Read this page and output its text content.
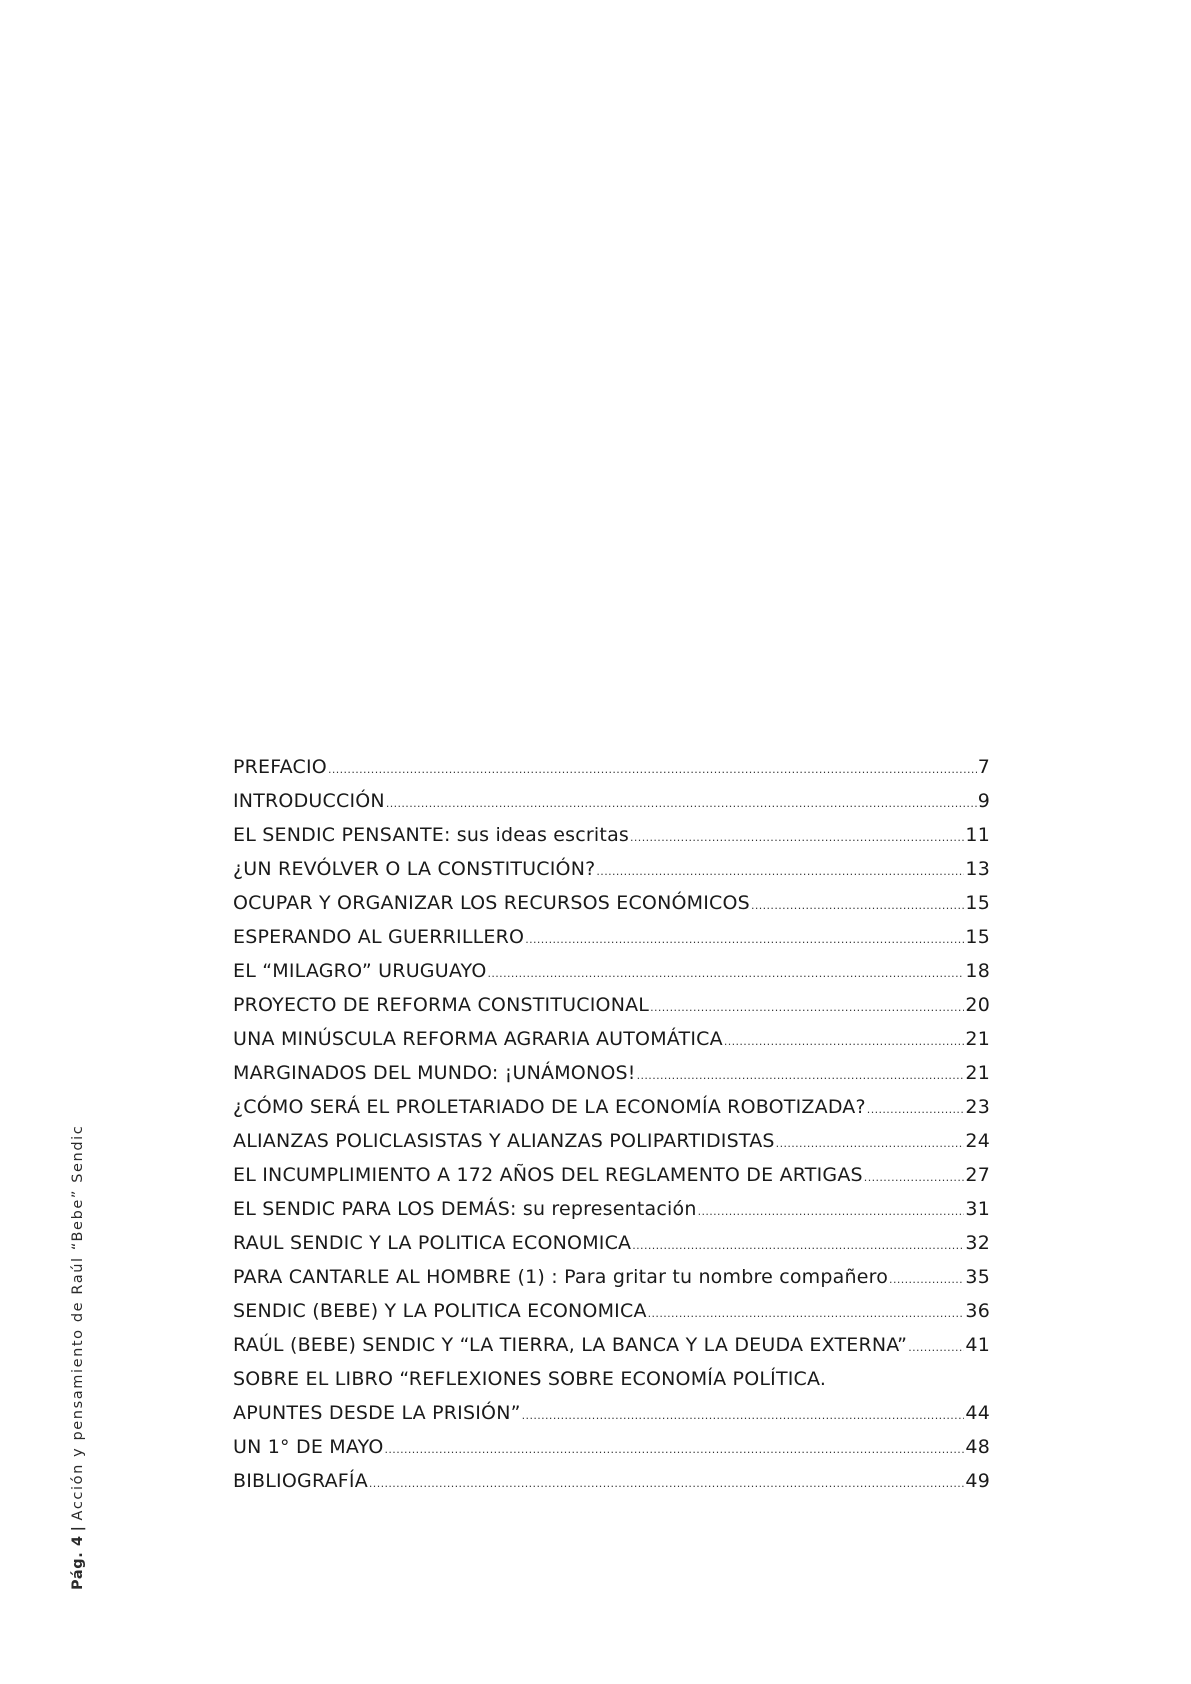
PREFACIO .....	7
INTRODUCCIÓN .....	9
EL SENDIC PENSANTE: sus ideas escritas .....	11
¿UN REVÓLVER O LA CONSTITUCIÓN? .....	13
OCUPAR Y ORGANIZAR LOS RECURSOS ECONÓMICOS .....	15
ESPERANDO AL GUERRILLERO .....	15
EL “MILAGRO” URUGUAYO .....	18
PROYECTO DE REFORMA CONSTITUCIONAL .....	20
UNA MINÚSCULA REFORMA AGRARIA AUTOMÁTICA .....	21
MARGINADOS DEL MUNDO: ¡UNÁMONOS! .....	21
¿CÓMO SERÁ EL PROLETARIADO DE LA ECONOMÍA ROBOTIZADA? .....	23
ALIANZAS POLICLASISTAS Y ALIANZAS POLIPARTIDISTAS .....	24
EL INCUMPLIMIENTO A 172 AÑOS DEL REGLAMENTO DE ARTIGAS .....	27
EL SENDIC PARA LOS DEMÁS: su representación .....	31
RAUL SENDIC Y LA POLITICA ECONOMICA .....	32
PARA CANTARLE AL HOMBRE (1) : Para gritar tu nombre compañero .....	35
SENDIC (BEBE) Y LA POLITICA ECONOMICA .....	36
RAÚL (BEBE) SENDIC Y “LA TIERRA, LA BANCA Y LA DEUDA EXTERNA” .....	41
SOBRE EL LIBRO “REFLEXIONES SOBRE ECONOMÍA POLÍTICA.
APUNTES DESDE LA PRISIÓN” .....	44
UN 1° DE MAYO .....	48
BIBLIOGRAFÍA .....	49
Pág. 4|Acción y pensamiento de Raúl “Bebe” Sendic
